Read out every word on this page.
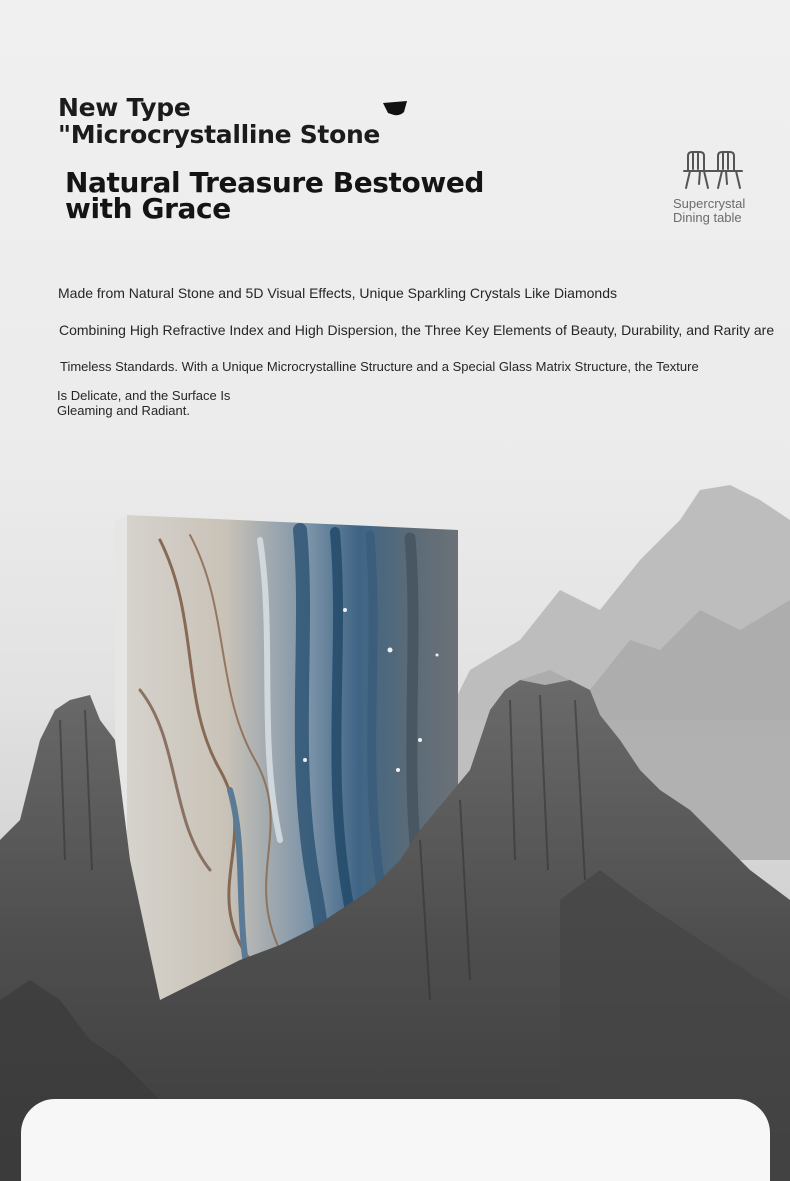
New Type
"Microcrystalline Stone
Natural Treasure Bestowed
with Grace	Supercrystal
Dining table

Made from Natural Stone and 5D Visual Effects, Unique Sparkling Crystals Like Diamonds

Combining High Refractive Index and High Dispersion, the Three Key Elements of Beauty, Durability, and Rarity are

Timeless Standards. With a Unique Microcrystalline Structure and a Special Glass Matrix Structure, the Texture

Is Delicate, and the Surface Is
Gleaming and Radiant.
